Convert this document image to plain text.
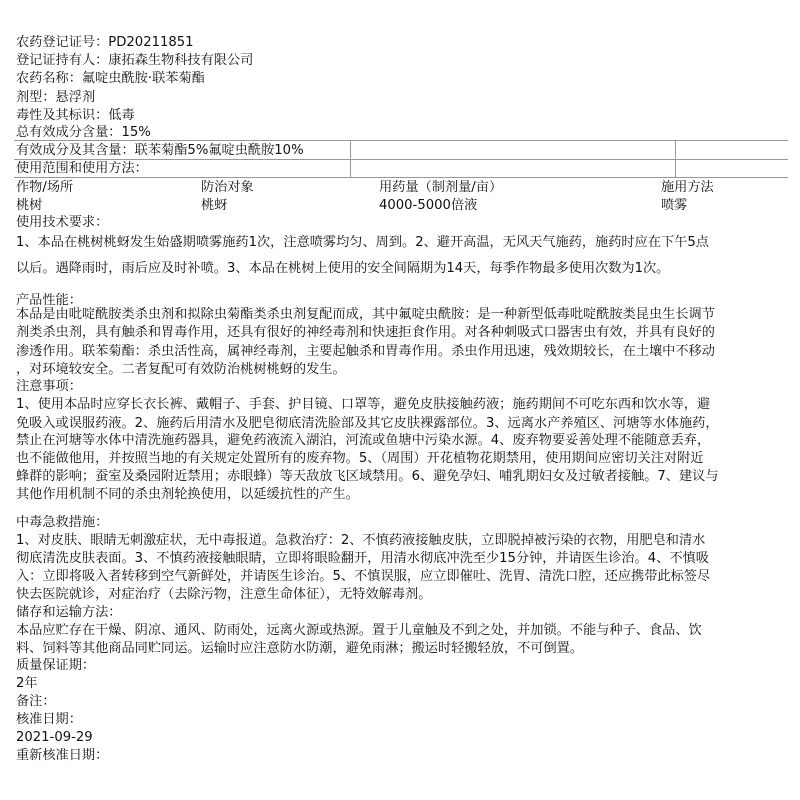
农药登记证号：PD20211851
登记证持有人：康拓森生物科技有限公司
农药名称：氟啶虫酰胺·联苯菊酯
剂型：悬浮剂
毒性及其标识：低毒
总有效成分含量：15%
有效成分及其含量：联苯菊酯5%氟啶虫酰胺10%
使用范围和使用方法：
作物/场所	防治对象	用药量（制剂量/亩）	施用方法
桃树	桃蚜	4000-5000倍液	喷雾
使用技术要求：
1、本品在桃树桃蚜发生始盛期喷雾施药1次，注意喷雾均匀、周到。2、避开高温，无风天气施药，施药时应在下午5点
以后。遇降雨时，雨后应及时补喷。3、本品在桃树上使用的安全间隔期为14天，每季作物最多使用次数为1次。
产品性能：
本品是由吡啶酰胺类杀虫剂和拟除虫菊酯类杀虫剂复配而成，其中氟啶虫酰胺：是一种新型低毒吡啶酰胺类昆虫生长调节
剂类杀虫剂，具有触杀和胃毒作用，还具有很好的神经毒剂和快速拒食作用。对各种刺吸式口器害虫有效，并具有良好的
渗透作用。联苯菊酯：杀虫活性高，属神经毒剂，主要起触杀和胃毒作用。杀虫作用迅速，残效期较长，在土壤中不移动
，对环境较安全。二者复配可有效防治桃树桃蚜的发生。
注意事项：
1、使用本品时应穿长衣长裤、戴帽子、手套、护目镜、口罩等，避免皮肤接触药液；施药期间不可吃东西和饮水等，避
免吸入或误服药液。2、施药后用清水及肥皂彻底清洗脸部及其它皮肤裸露部位。3、远离水产养殖区、河塘等水体施药，
禁止在河塘等水体中清洗施药器具，避免药液流入湖泊，河流或鱼塘中污染水源。4、废弃物要妥善处理不能随意丢弃，
也不能做他用，并按照当地的有关规定处置所有的废弃物。5、（周围）开花植物花期禁用，使用期间应密切关注对附近
蜂群的影响；蚕室及桑园附近禁用；赤眼蜂）等天敌放飞区域禁用。6、避免孕妇、哺乳期妇女及过敏者接触。7、建议与
其他作用机制不同的杀虫剂轮换使用，以延缓抗性的产生。
中毒急救措施：
1、对皮肤、眼睛无刺激症状，无中毒报道。急救治疗：2、不慎药液接触皮肤，立即脱掉被污染的衣物，用肥皂和清水
彻底清洗皮肤表面。3、不慎药液接触眼睛，立即将眼睑翻开，用清水彻底冲洗至少15分钟，并请医生诊治。4、不慎吸
入：立即将吸入者转移到空气新鲜处，并请医生诊治。5、不慎误服，应立即催吐、洗胃、清洗口腔，还应携带此标签尽
快去医院就诊，对症治疗（去除污物，注意生命体征），无特效解毒剂。
储存和运输方法：
本品应贮存在干燥、阴凉、通风、防雨处，远离火源或热源。置于儿童触及不到之处，并加锁。不能与种子、食品、饮
料、饲料等其他商品同贮同运。运输时应注意防水防潮，避免雨淋；搬运时轻搬轻放，不可倒置。
质量保证期：
2年
备注：
核准日期：
2021-09-29
重新核准日期：
